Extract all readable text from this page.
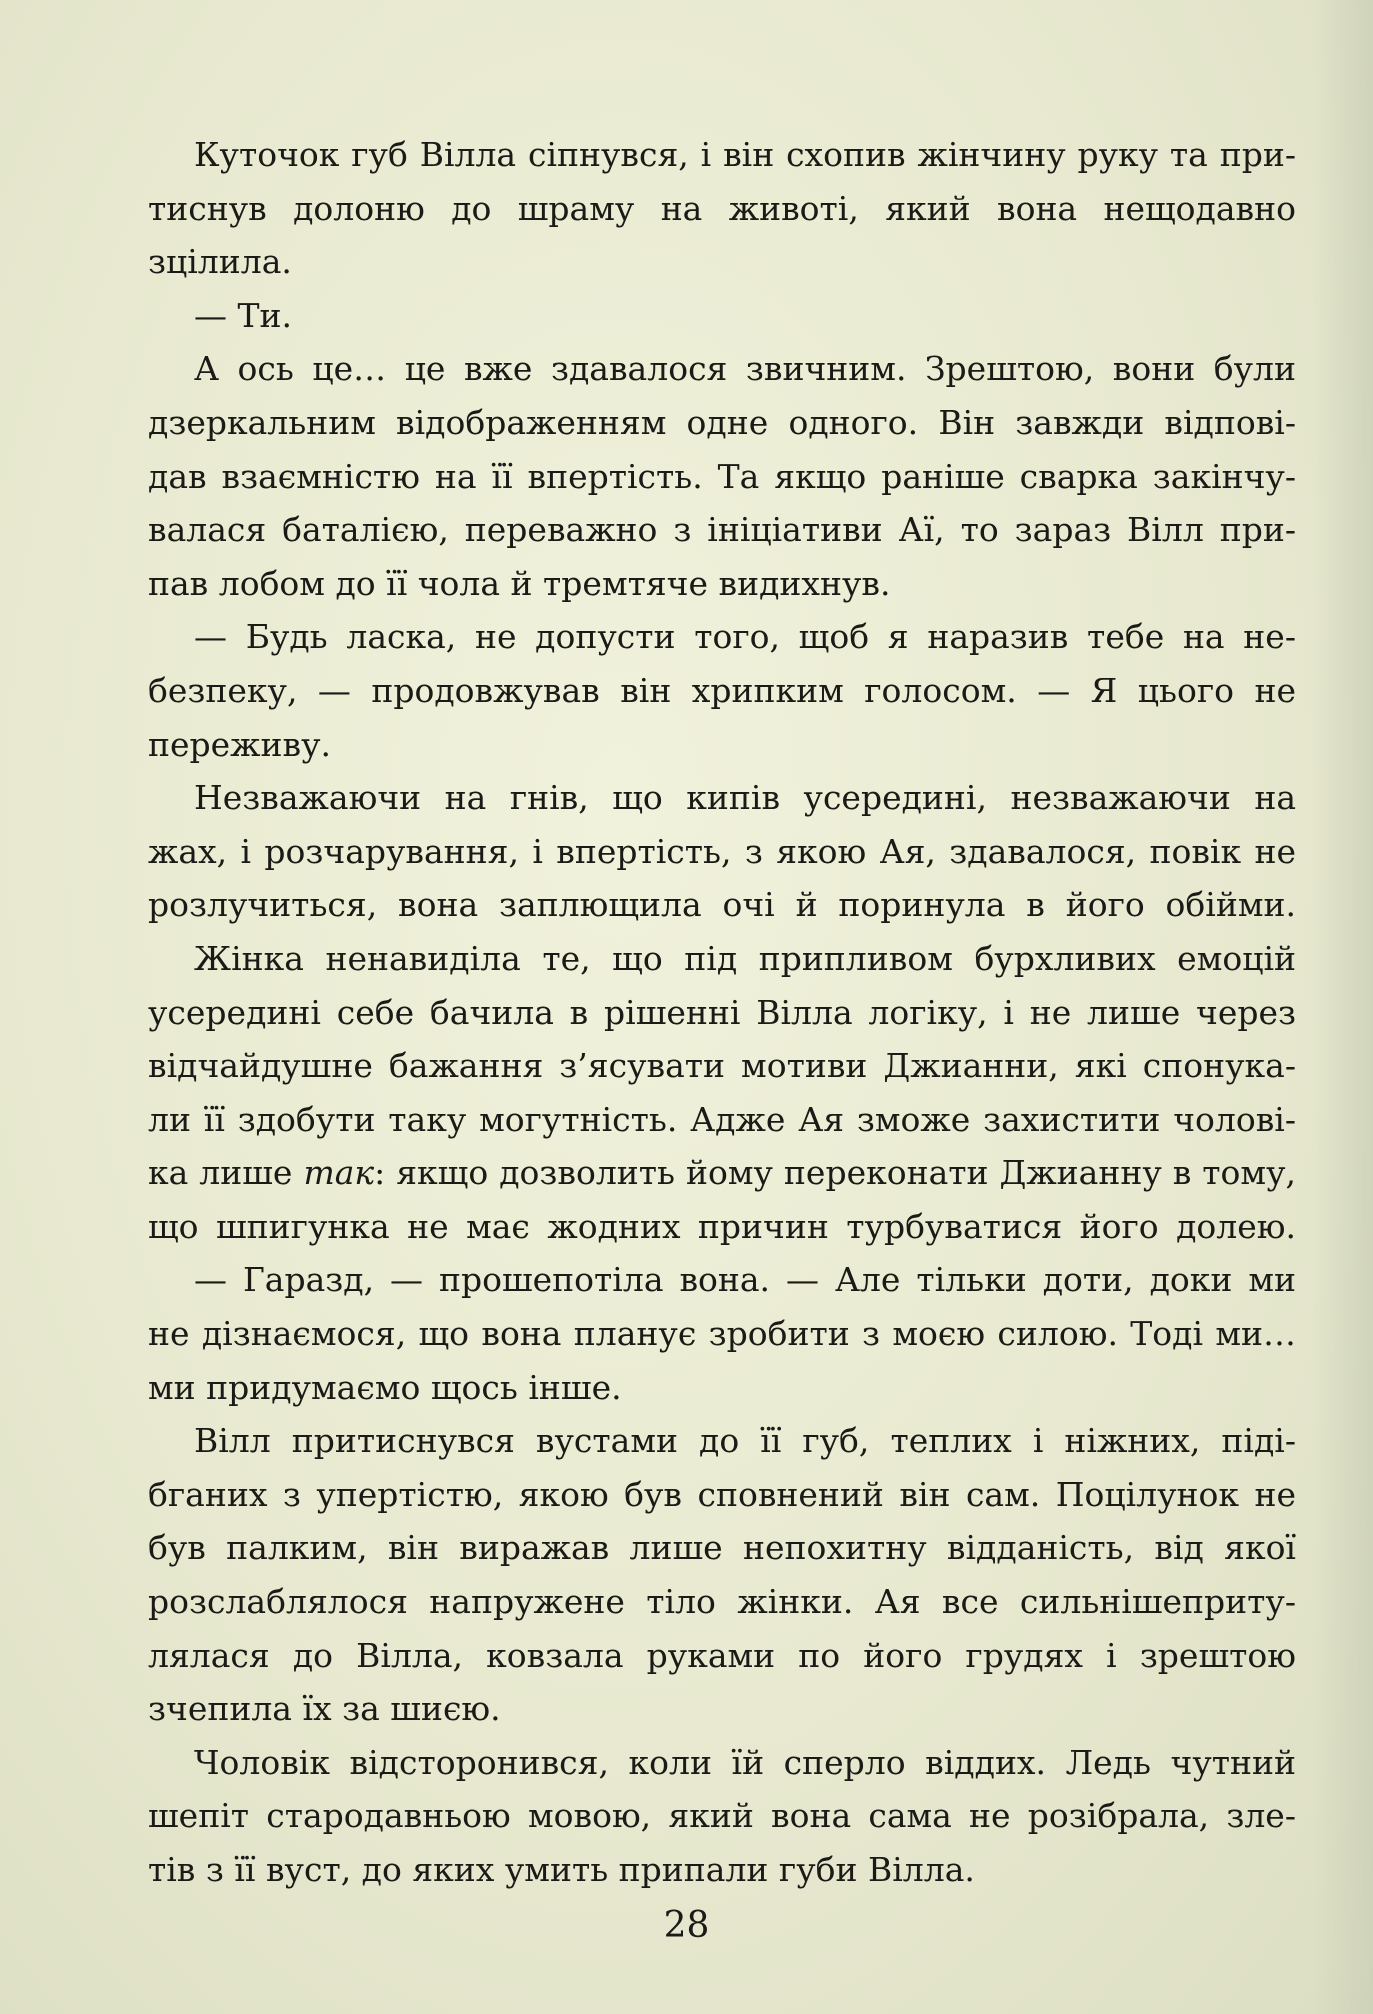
Куточок губ Вілла сіпнувся, і він схопив жінчину руку та при-
тиснув долоню до шраму на животі, який вона нещодавно
зцілила.
— Ти.
А ось це… це вже здавалося звичним. Зрештою, вони були
дзеркальним відображенням одне одного. Він завжди відпові-
дав взаємністю на її впертість. Та якщо раніше сварка закінчу-
валася баталією, переважно з ініціативи Аї, то зараз Вілл при-
пав лобом до її чола й тремтяче видихнув.
— Будь ласка, не допусти того, щоб я наразив тебе на не-
безпеку, — продовжував він хрипким голосом. — Я цього не
переживу.
Незважаючи на гнів, що кипів усередині, незважаючи на
жах, і розчарування, і впертість, з якою Ая, здавалося, повік не
розлучиться, вона заплющила очі й поринула в його обійми.
Жінка ненавиділа те, що під припливом бурхливих емоцій
усередині себе бачила в рішенні Вілла логіку, і не лише через
відчайдушне бажання з’ясувати мотиви Джианни, які спонука-
ли її здобути таку могутність. Адже Ая зможе захистити чолові-
ка лише так: якщо дозволить йому переконати Джианну в тому,
що шпигунка не має жодних причин турбуватися його долею.
— Гаразд, — прошепотіла вона. — Але тільки доти, доки ми
не дізнаємося, що вона планує зробити з моєю силою. Тоді ми…
ми придумаємо щось інше.
Вілл притиснувся вустами до її губ, теплих і ніжних, піді-
бганих з упертістю, якою був сповнений він сам. Поцілунок не
був палким, він виражав лише непохитну відданість, від якої
розслаблялося напружене тіло жінки. Ая все сильнішеприту-
лялася до Вілла, ковзала руками по його грудях і зрештою
зчепила їх за шиєю.
Чоловік відсторонився, коли їй сперло віддих. Ледь чутний
шепіт стародавньою мовою, який вона сама не розібрала, зле-
тів з її вуст, до яких умить припали губи Вілла.
28
